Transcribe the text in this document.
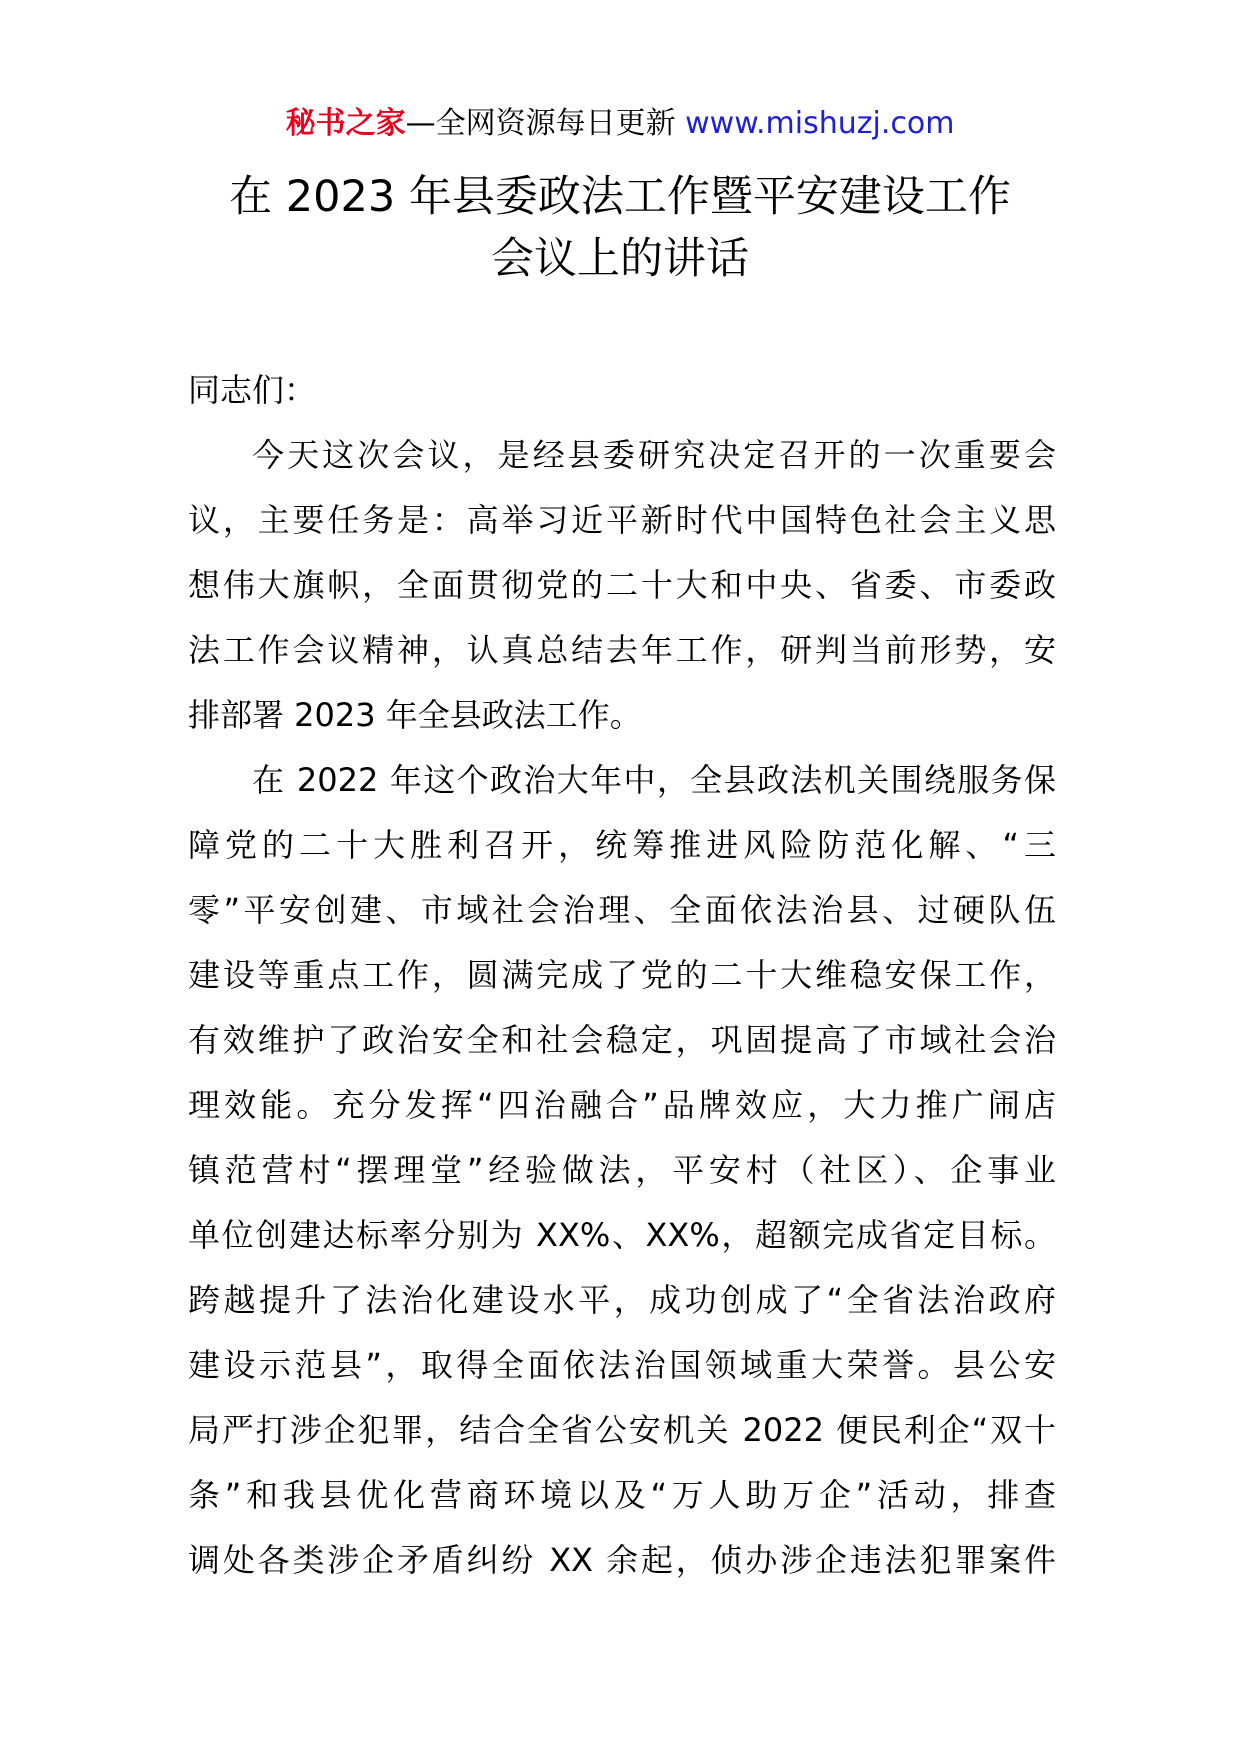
秘书之家—全网资源每日更新 www.mishuzj.com
在 2023 年县委政法工作暨平安建设工作
会议上的讲话
同志们：
今天这次会议，是经县委研究决定召开的一次重要会
议，主要任务是：高举习近平新时代中国特色社会主义思
想伟大旗帜，全面贯彻党的二十大和中央、省委、市委政
法工作会议精神，认真总结去年工作，研判当前形势，安
排部署 2023 年全县政法工作。
在 2022 年这个政治大年中，全县政法机关围绕服务保
障党的二十大胜利召开，统筹推进风险防范化解、“三
零”平安创建、市域社会治理、全面依法治县、过硬队伍
建设等重点工作，圆满完成了党的二十大维稳安保工作，
有效维护了政治安全和社会稳定，巩固提高了市域社会治
理效能。充分发挥“四治融合”品牌效应，大力推广闹店
镇范营村“摆理堂”经验做法，平安村（社区）、企事业
单位创建达标率分别为 XX%、XX%，超额完成省定目标。
跨越提升了法治化建设水平，成功创成了“全省法治政府
建设示范县”，取得全面依法治国领域重大荣誉。县公安
局严打涉企犯罪，结合全省公安机关 2022 便民利企“双十
条”和我县优化营商环境以及“万人助万企”活动，排查
调处各类涉企矛盾纠纷 XX 余起，侦办涉企违法犯罪案件
